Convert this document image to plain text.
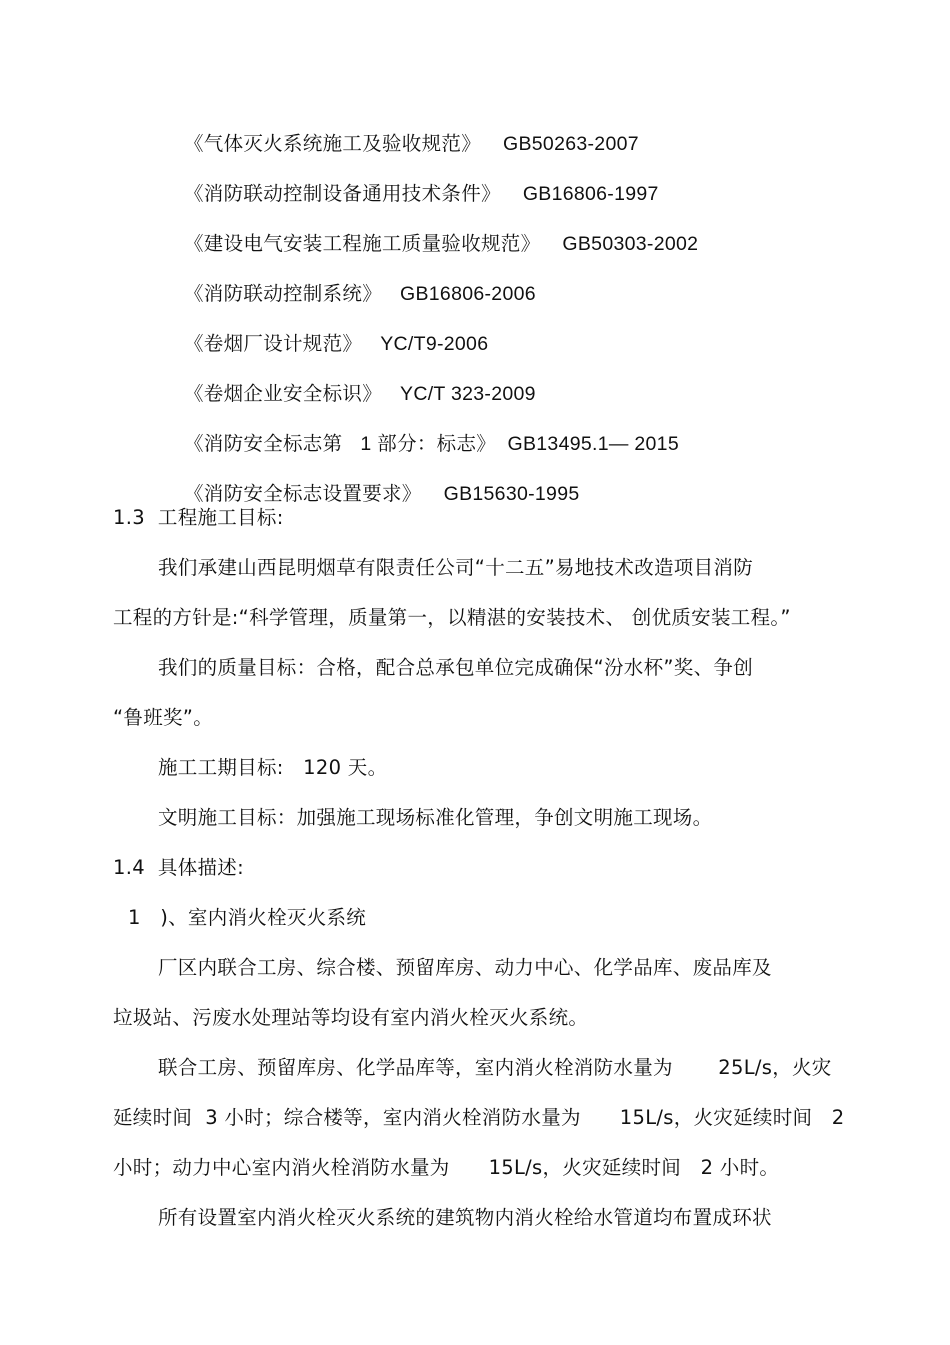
《气体灭火系统施工及验收规范》 GB50263-2007

《消防联动控制设备通用技术条件》 GB16806-1997

《建设电气安装工程施工质量验收规范》 GB50303-2002

《消防联动控制系统》 GB16806-2006

《卷烟厂设计规范》 YC/T9-2006

《卷烟企业安全标识》 YC/T 323-2009

《消防安全标志第 1 部分：标志》  GB13495.1— 2015

《消防安全标志设置要求》 GB15630-1995

1.3  工程施工目标:
我们承建山西昆明烟草有限责任公司“十二五”易地技术改造项目消防
工程的方针是:“科学管理，质量第一，以精湛的安装技术、 创优质安装工程。”
我们的质量目标：合格，配合总承包单位完成确保“汾水杯”奖、争创
“鲁班奖”。
施工工期目标:   120 天。
文明施工目标：加强施工现场标准化管理，争创文明施工现场。
1.4  具体描述:
1   )、室内消火栓灭火系统
厂区内联合工房、综合楼、预留库房、动力中心、化学品库、废品库及
垃圾站、污废水处理站等均设有室内消火栓灭火系统。
联合工房、预留库房、化学品库等，室内消火栓消防水量为       25L/s，火灾
延续时间  3 小时；综合楼等，室内消火栓消防水量为      15L/s，火灾延续时间   2
小时；动力中心室内消火栓消防水量为      15L/s，火灾延续时间   2 小时。
所有设置室内消火栓灭火系统的建筑物内消火栓给水管道均布置成环状
